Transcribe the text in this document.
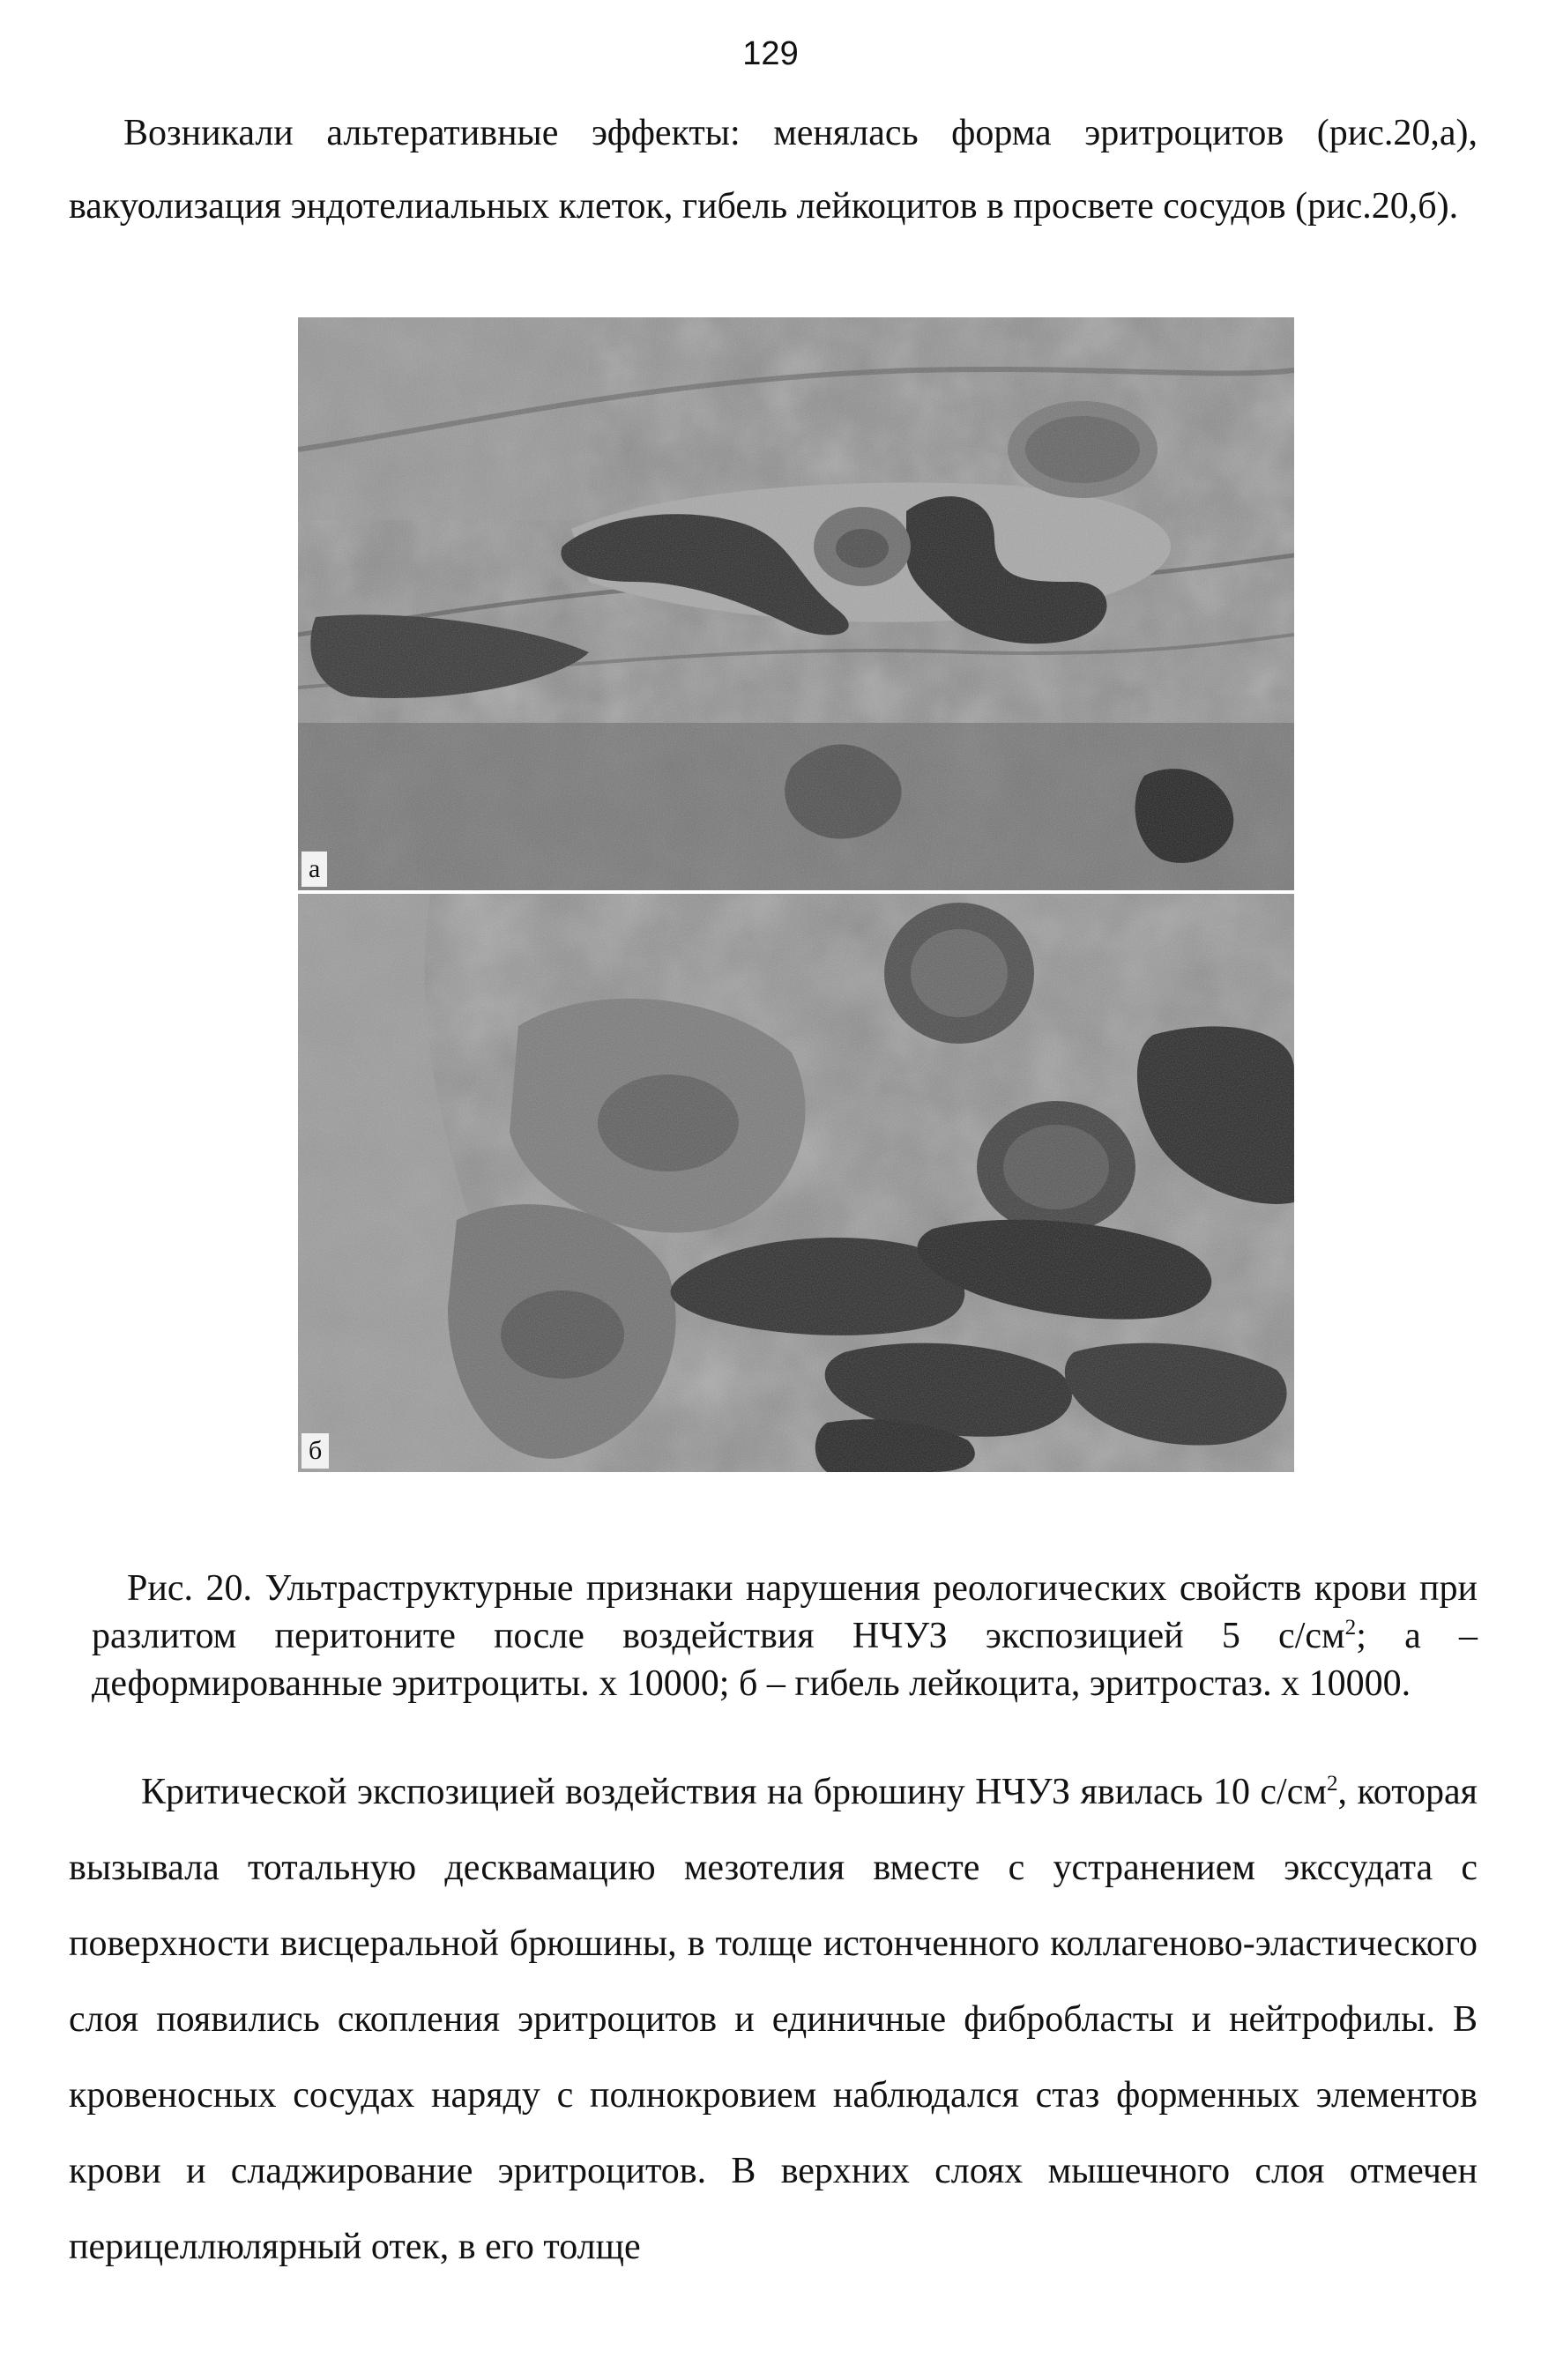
129

Возникали альтеративные эффекты: менялась форма эритроцитов (рис.20,а), вакуолизация эндотелиальных клеток, гибель лейкоцитов в просвете сосудов (рис.20,б).

а
б

Рис. 20. Ультраструктурные признаки нарушения реологических свойств крови при разлитом перитоните после воздействия НЧУЗ экспозицией 5 $с/см^2$; а – деформированные эритроциты. х 10000; б – гибель лейкоцита, эритростаз. х 10000.

Критической экспозицией воздействия на брюшину НЧУЗ явилась 10 $с/см^2$, которая вызывала тотальную десквамацию мезотелия вместе с устранением экссудата с поверхности висцеральной брюшины, в толще истонченного коллагеново-эластического слоя появились скопления эритроцитов и единичные фибробласты и нейтрофилы. В кровеносных сосудах наряду с полнокровием наблюдался стаз форменных элементов крови и сладжирование эритроцитов. В верхних слоях мышечного слоя отмечен перицеллюлярный отек, в его толще
